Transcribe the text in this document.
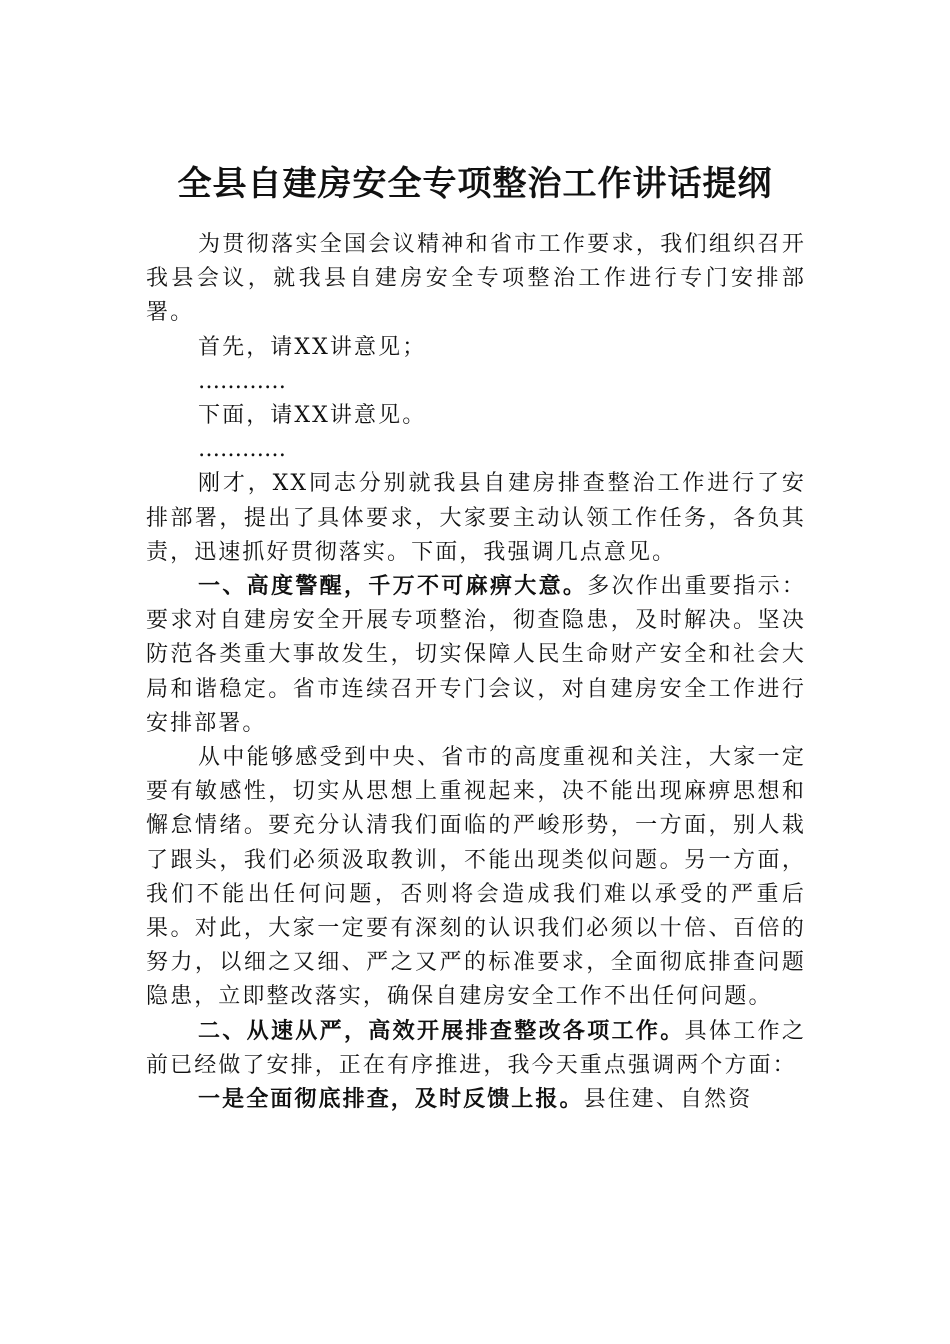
全县自建房安全专项整治工作讲话提纲

为贯彻落实全国会议精神和省市工作要求，我们组织召开我县会议，就我县自建房安全专项整治工作进行专门安排部署。

首先，请XX讲意见；

…………

下面，请XX讲意见。

…………

刚才，XX同志分别就我县自建房排查整治工作进行了安排部署，提出了具体要求，大家要主动认领工作任务，各负其责，迅速抓好贯彻落实。下面，我强调几点意见。

一、高度警醒，千万不可麻痹大意。多次作出重要指示：要求对自建房安全开展专项整治，彻查隐患，及时解决。坚决防范各类重大事故发生，切实保障人民生命财产安全和社会大局和谐稳定。省市连续召开专门会议，对自建房安全工作进行安排部署。

从中能够感受到中央、省市的高度重视和关注，大家一定要有敏感性，切实从思想上重视起来，决不能出现麻痹思想和懈怠情绪。要充分认清我们面临的严峻形势，一方面，别人栽了跟头，我们必须汲取教训，不能出现类似问题。另一方面，我们不能出任何问题，否则将会造成我们难以承受的严重后果。对此，大家一定要有深刻的认识我们必须以十倍、百倍的努力，以细之又细、严之又严的标准要求，全面彻底排查问题隐患，立即整改落实，确保自建房安全工作不出任何问题。

二、从速从严，高效开展排查整改各项工作。具体工作之前已经做了安排，正在有序推进，我今天重点强调两个方面：

一是全面彻底排查，及时反馈上报。县住建、自然资
